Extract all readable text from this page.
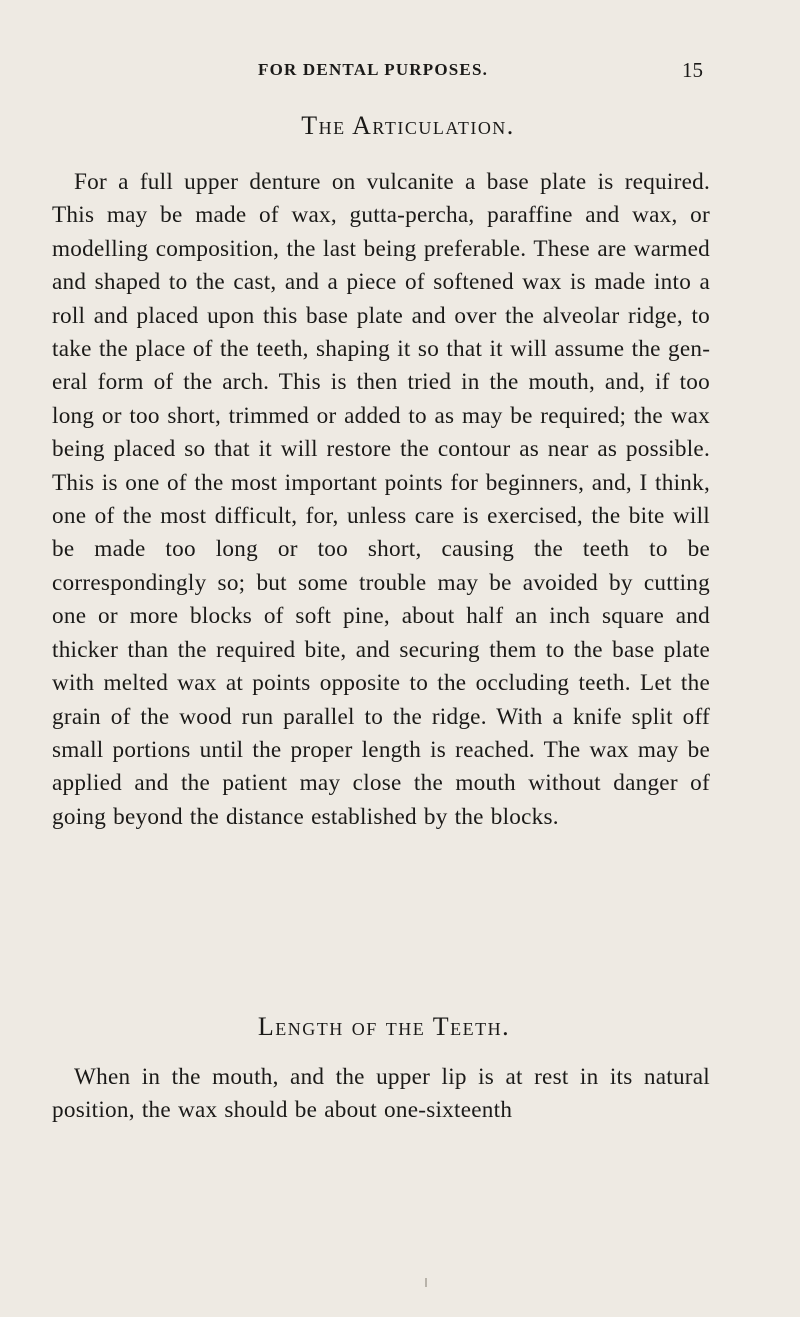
FOR DENTAL PURPOSES.	15
The Articulation.

For a full upper denture on vulcanite a base plate is required. This may be made of wax, gutta-percha, paraffine and wax, or modelling composition, the last being preferable. These are warmed and shaped to the cast, and a piece of softened wax is made into a roll and placed upon this base plate and over the alveolar ridge, to take the place of the teeth, shaping it so that it will assume the general form of the arch. This is then tried in the mouth, and, if too long or too short, trimmed or added to as may be required; the wax being placed so that it will restore the contour as near as possible. This is one of the most important points for beginners, and, I think, one of the most difficult, for, unless care is exercised, the bite will be made too long or too short, causing the teeth to be correspondingly so; but some trouble may be avoided by cutting one or more blocks of soft pine, about half an inch square and thicker than the required bite, and securing them to the base plate with melted wax at points opposite to the occluding teeth. Let the grain of the wood run parallel to the ridge. With a knife split off small portions until the proper length is reached. The wax may be applied and the patient may close the mouth without danger of going beyond the distance established by the blocks.

Length of the Teeth.

When in the mouth, and the upper lip is at rest in its natural position, the wax should be about one-sixteenth
